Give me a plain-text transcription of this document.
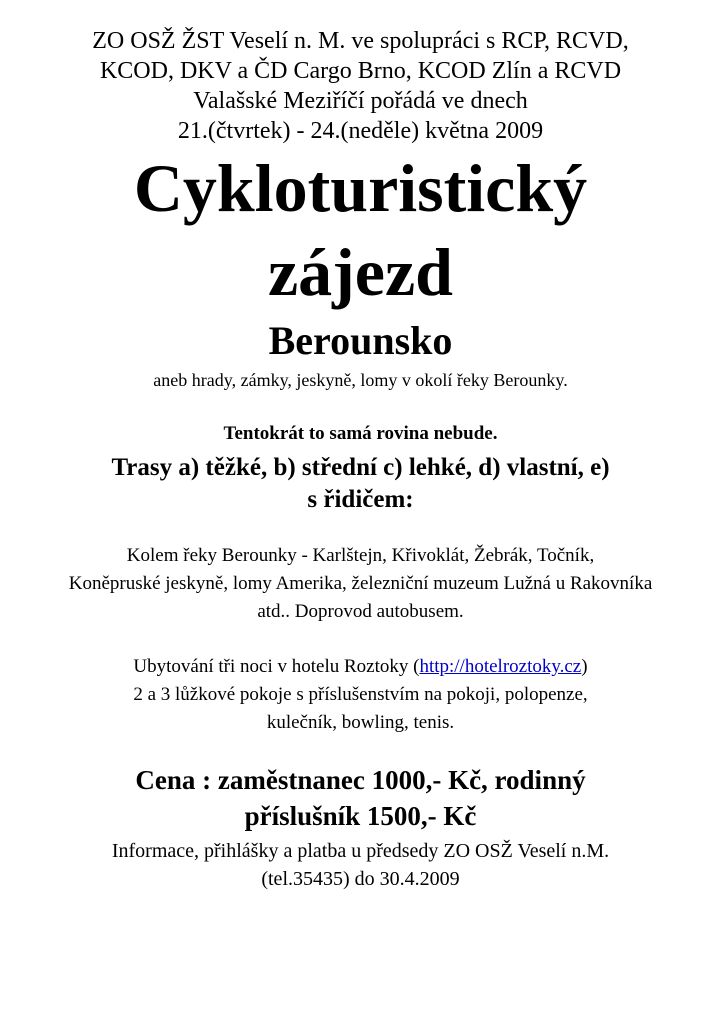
ZO OSŽ ŽST Veselí n. M. ve spolupráci s RCP, RCVD,
KCOD, DKV a ČD Cargo Brno, KCOD Zlín a RCVD
Valašské Meziříčí pořádá ve dnech
21.(čtvrtek) - 24.(neděle) května 2009
Cykloturistický
zájezd
Berounsko
aneb hrady, zámky, jeskyně, lomy v okolí řeky Berounky.
Tentokrát to samá rovina nebude.
Trasy a) těžké, b) střední c) lehké, d) vlastní, e)
s řidičem:
Kolem řeky Berounky - Karlštejn, Křivoklát, Žebrák, Točník,
Koněpruské jeskyně, lomy Amerika, železniční muzeum Lužná u Rakovníka
atd.. Doprovod autobusem.
Ubytování tři noci v hotelu Roztoky (http://hotelroztoky.cz)
2 a 3 lůžkové pokoje s příslušenstvím na pokoji, polopenze,
kulečník, bowling, tenis.
Cena : zaměstnanec 1000,- Kč, rodinný
příslušník 1500,- Kč
Informace, přihlášky a platba u předsedy ZO OSŽ Veselí n.M.
(tel.35435) do 30.4.2009
